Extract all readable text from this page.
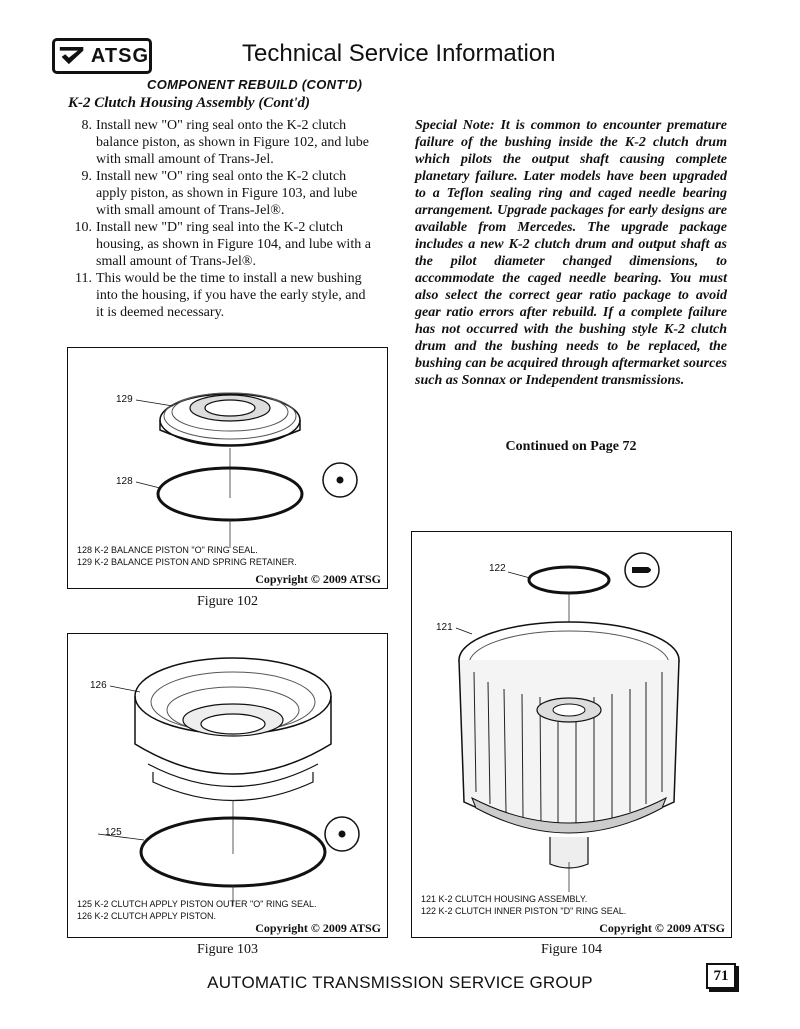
ATSG	Technical Service Information
COMPONENT REBUILD (CONT'D)
K-2 Clutch Housing Assembly (Cont'd)
8. Install new "O" ring seal onto the K-2 clutch balance piston, as shown in Figure 102, and lube with small amount of Trans-Jel.
9. Install new "O" ring seal onto the K-2 clutch apply piston, as shown in Figure 103, and lube with small amount of Trans-Jel®.
10. Install new "D" ring seal into the K-2 clutch housing, as shown in Figure 104, and lube with a small amount of Trans-Jel®.
11. This would be the time to install a new bushing into the housing, if you have the early style, and it is deemed necessary.
Special Note: It is common to encounter premature failure of the bushing inside the K-2 clutch drum which pilots the output shaft causing complete planetary failure. Later models have been upgraded to a Teflon sealing ring and caged needle bearing arrangement. Upgrade packages for early designs are available from Mercedes. The upgrade package includes a new K-2 clutch drum and output shaft as the pilot diameter changed dimensions, to accommodate the caged needle bearing. You must also select the correct gear ratio package to avoid gear ratio errors after rebuild. If a complete failure has not occurred with the bushing style K-2 clutch drum and the bushing needs to be replaced, the bushing can be acquired through aftermarket sources such as Sonnax or Independent transmissions.
Continued on Page 72
129
128
128 K-2 BALANCE PISTON "O" RING SEAL.
129 K-2 BALANCE PISTON AND SPRING RETAINER.
Copyright © 2009 ATSG
Figure 102
126
125
125 K-2 CLUTCH APPLY PISTON OUTER "O" RING SEAL.
126 K-2 CLUTCH APPLY PISTON.
Copyright © 2009 ATSG
Figure 103
122
121
121 K-2 CLUTCH HOUSING ASSEMBLY.
122 K-2 CLUTCH INNER PISTON "D" RING SEAL.
Copyright © 2009 ATSG
Figure 104
AUTOMATIC TRANSMISSION SERVICE GROUP	71
